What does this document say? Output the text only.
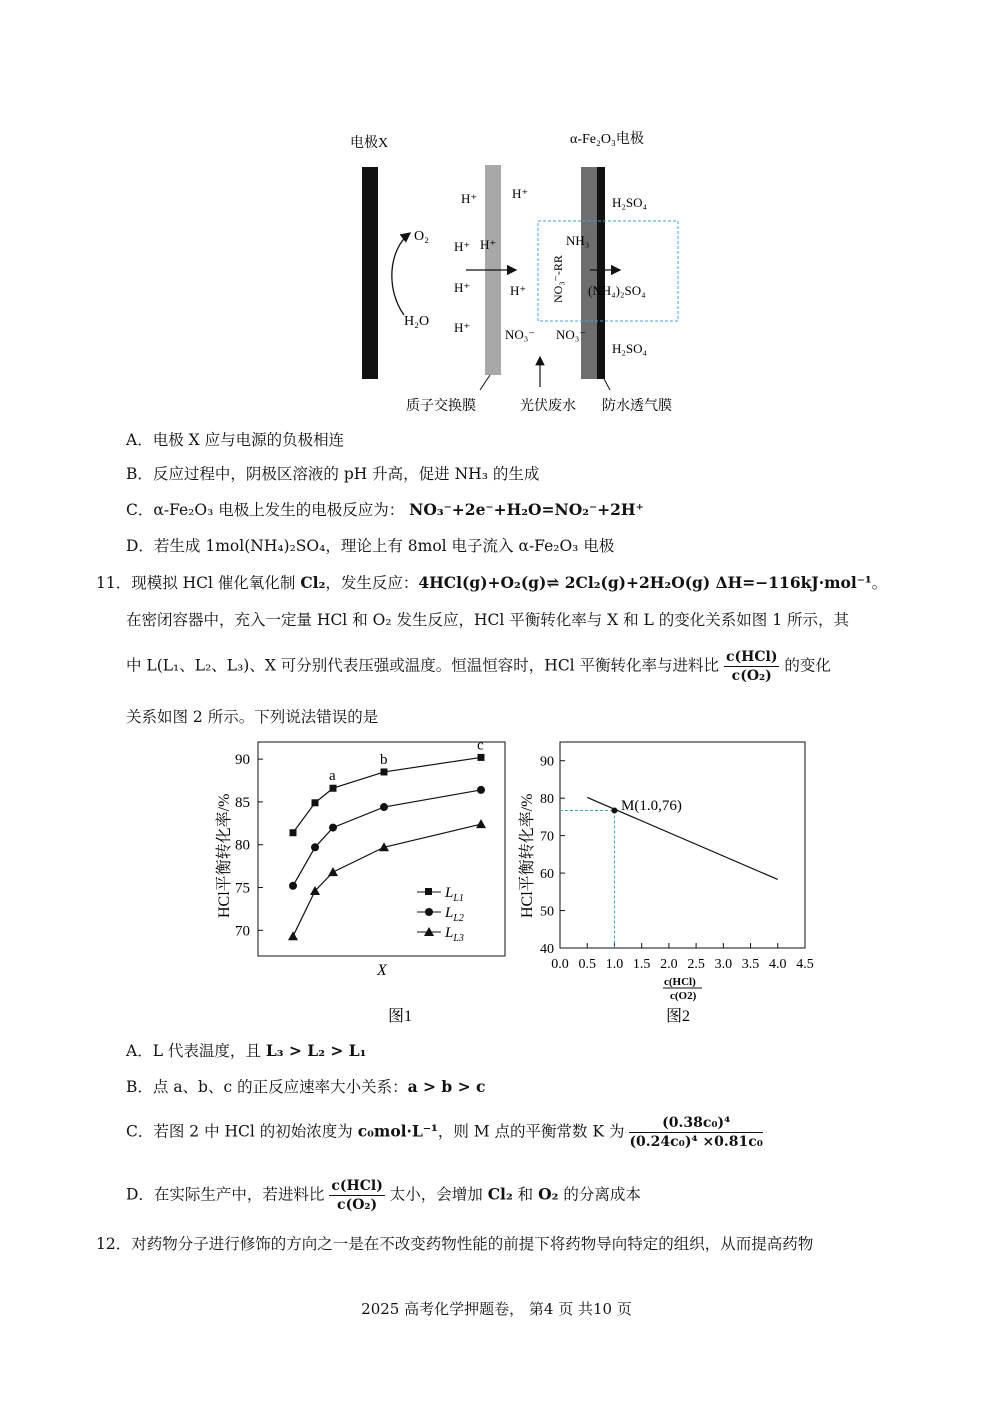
电极X
O₂
H₂O
H⁺
H⁺ H⁺
H⁺
H⁺
H⁺
H⁺
NO₃⁻
α-Fe₂O₃电极
NH₃
NO₃⁻-RR (NH₄)₂SO₄
NO₃⁻
H₂SO₄
H₂SO₄
质子交换膜	光伏废水 防水透气膜
A．电极 X 应与电源的负极相连
B．反应过程中，阴极区溶液的 pH 升高，促进 NH₃ 的生成
C．α-Fe₂O₃ 电极上发生的电极反应为： NO₃⁻+2e⁻+H₂O=NO₂⁻+2H⁺
D．若生成 1mol(NH₄)₂SO₄，理论上有 8mol 电子流入 α-Fe₂O₃ 电极
11．现模拟 HCl 催化氧化制 Cl₂，发生反应：4HCl(g)+O₂(g)⇌ 2Cl₂(g)+2H₂O(g) ΔH=−116kJ·mol⁻¹。
在密闭容器中，充入一定量 HCl 和 O₂ 发生反应，HCl 平衡转化率与 X 和 L 的变化关系如图 1 所示，其
中 L(L₁、L₂、L₃)、X 可分别代表压强或温度。恒温恒容时，HCl 平衡转化率与进料比 $\frac{\text{c(HCl)}}{\text{c(O₂)}}$ 的变化
关系如图 2 所示。下列说法错误的是
70
75
80
85
90
a
b
c
HCl平衡转化率/%
X
图1
$L_{L1}$
$L_{L2}$
$L_{L3}$
40
50
60
70
80
90
0.0 0.5 1.0 1.5 2.0 2.5 3.0 3.5 4.0 4.5
HCl平衡转化率/%
c(HCl)
c(O2)
图2
M(1.0,76)
A．L 代表温度，且 L₃ > L₂ > L₁
B．点 a、b、c 的正反应速率大小关系：a > b > c
C．若图 2 中 HCl 的初始浓度为 c₀mol·L⁻¹，则 M 点的平衡常数 K 为 $\frac{\text{(0.38c₀)⁴}}{\text{(0.24c₀)⁴ ×0.81c₀}}$
D．在实际生产中，若进料比 $\frac{\text{c(HCl)}}{\text{c(O₂)}}$ 太小，会增加 Cl₂ 和 O₂ 的分离成本
12．对药物分子进行修饰的方向之一是在不改变药物性能的前提下将药物导向特定的组织，从而提高药物
2025 高考化学押题卷， 第4 页 共10 页
